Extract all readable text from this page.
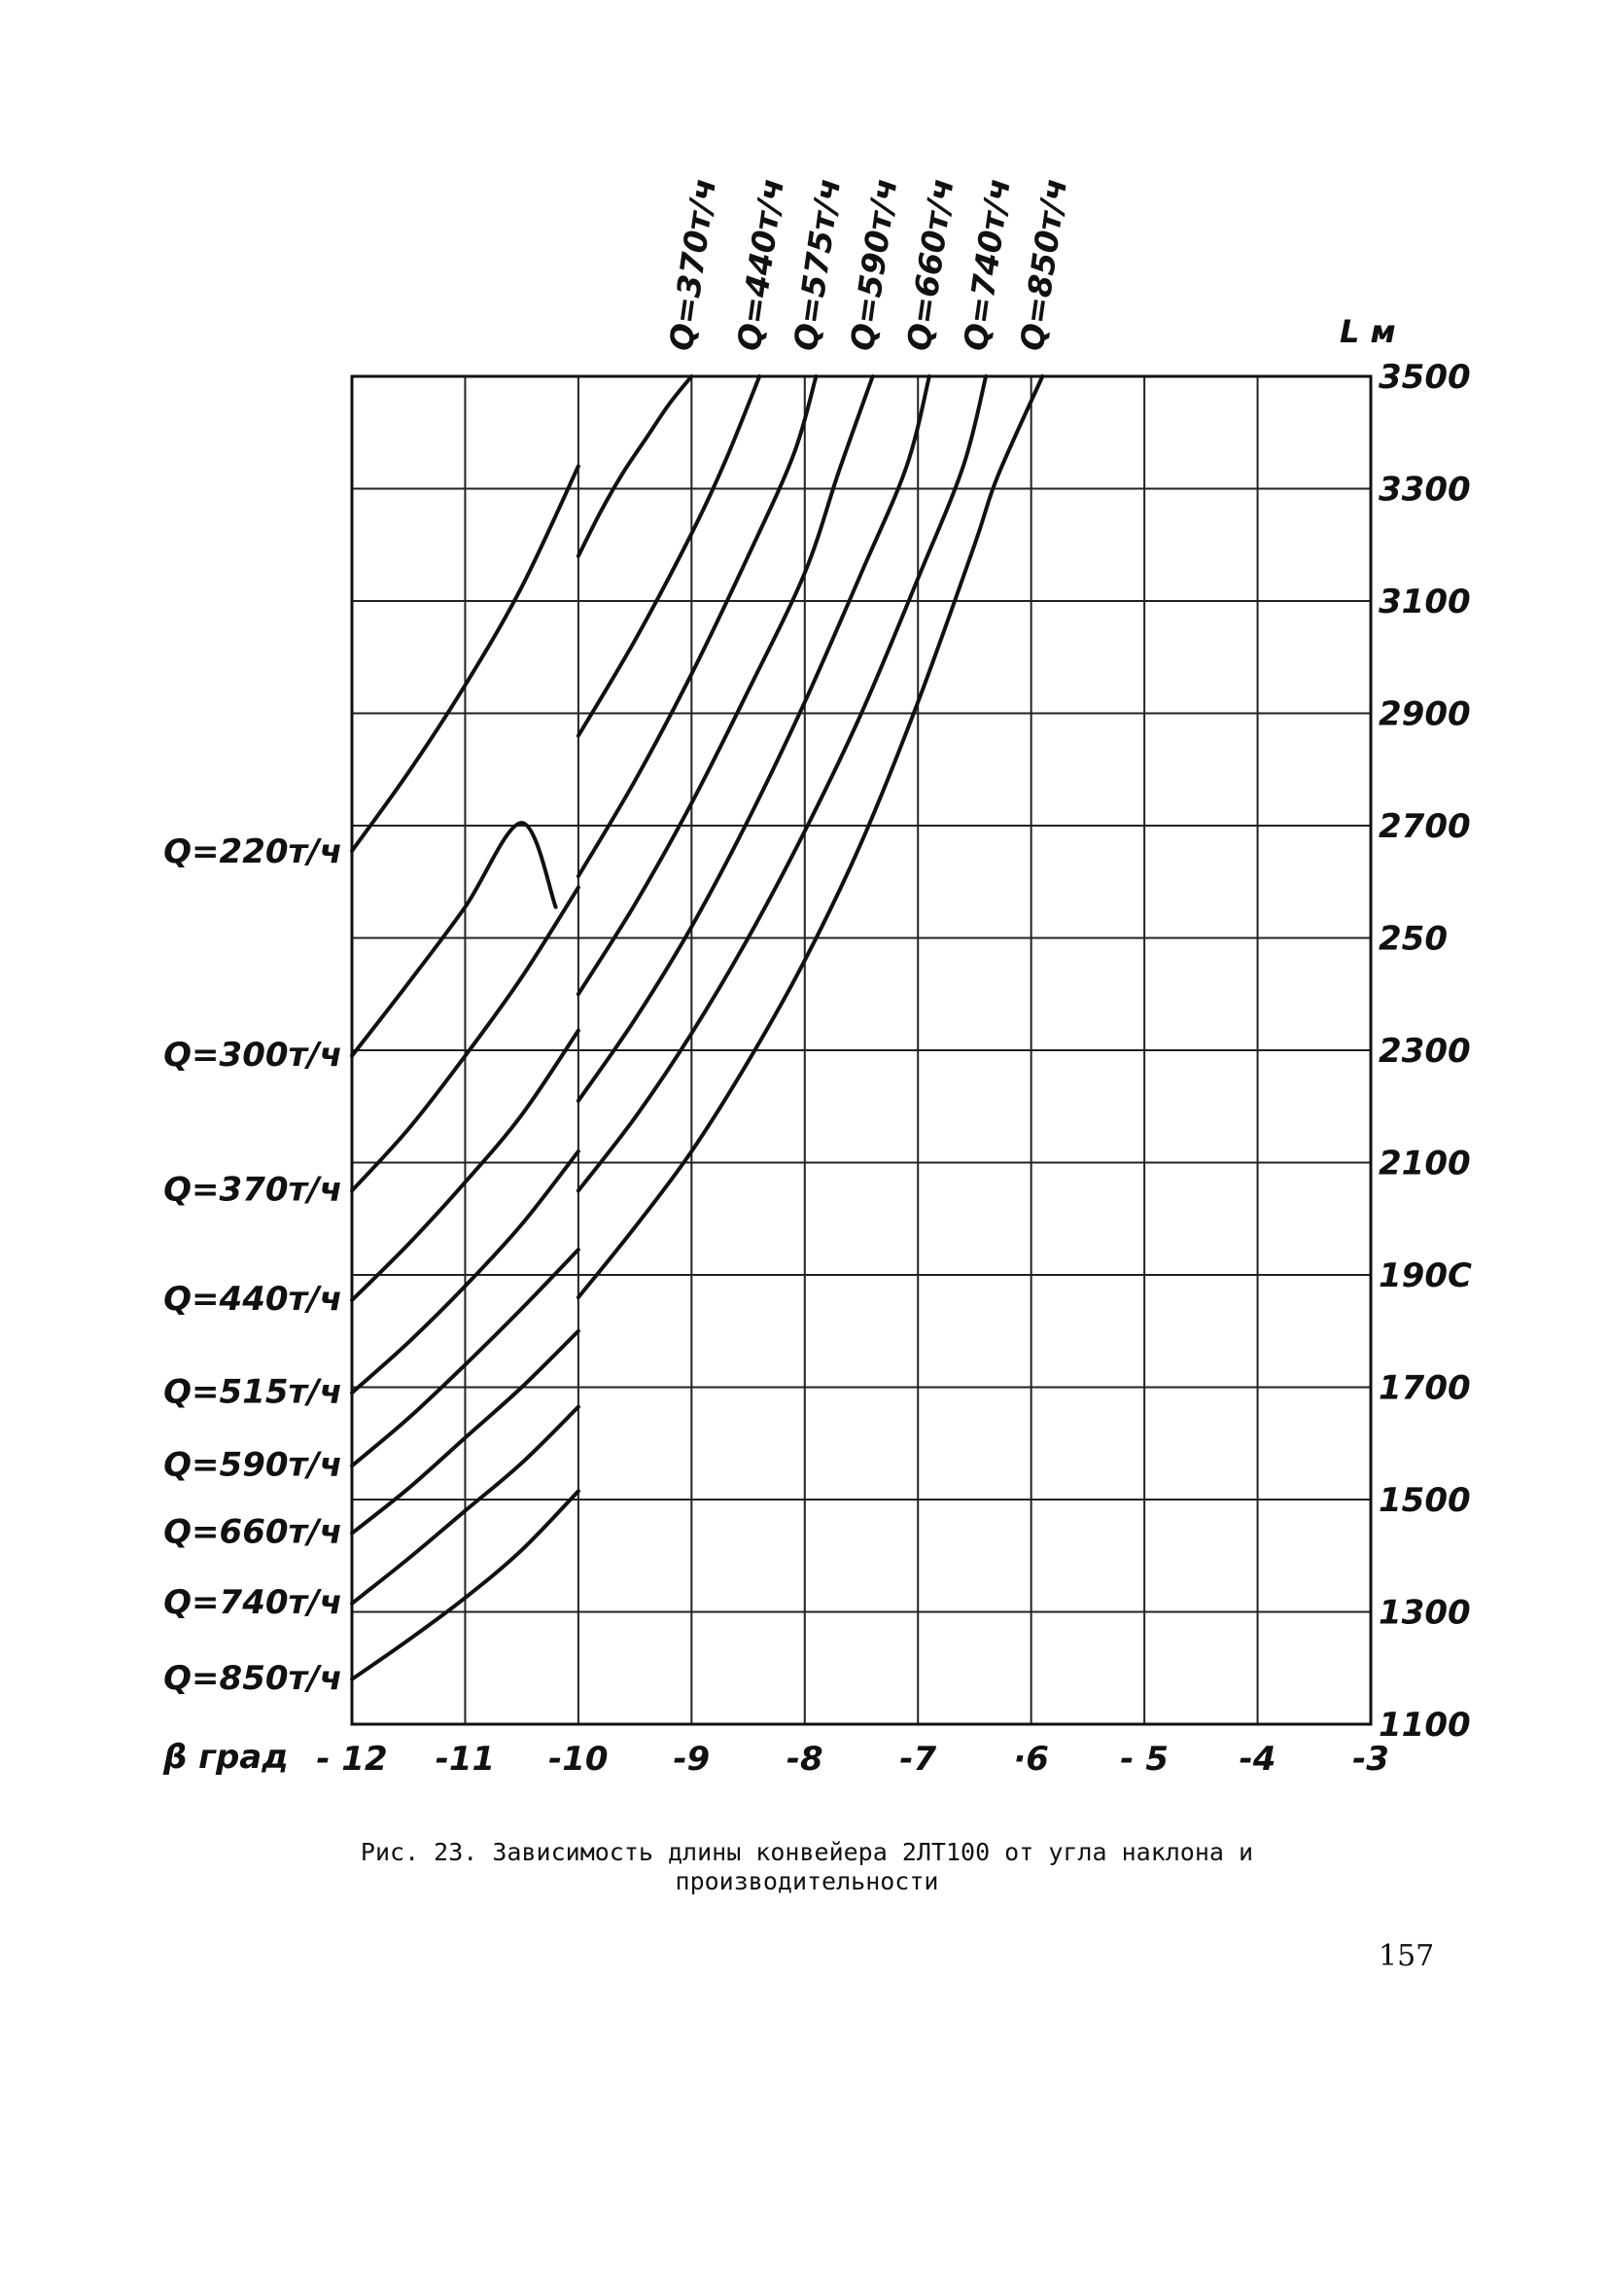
3500
3300
3100
2900
2700
250
2300
2100
190C
1700
1500
1300
1100
- 12 -11 -10 -9 -8 -7 ·6 - 5 -4 -3
Q=220т/ч
Q=300т/ч
Q=370т/ч
Q=440т/ч
Q=515т/ч
Q=590т/ч
Q=660т/ч
Q=740т/ч
Q=850т/ч
Q=370т/ч Q=440т/ч
Q=575т/ч
Q=590т/ч
Q=660т/ч
Q=740т/ч
Q=850т/ч	L м
β град
Рис. 23. Зависимость длины конвейера 2ЛТ100 от угла наклона и
производительности
157
